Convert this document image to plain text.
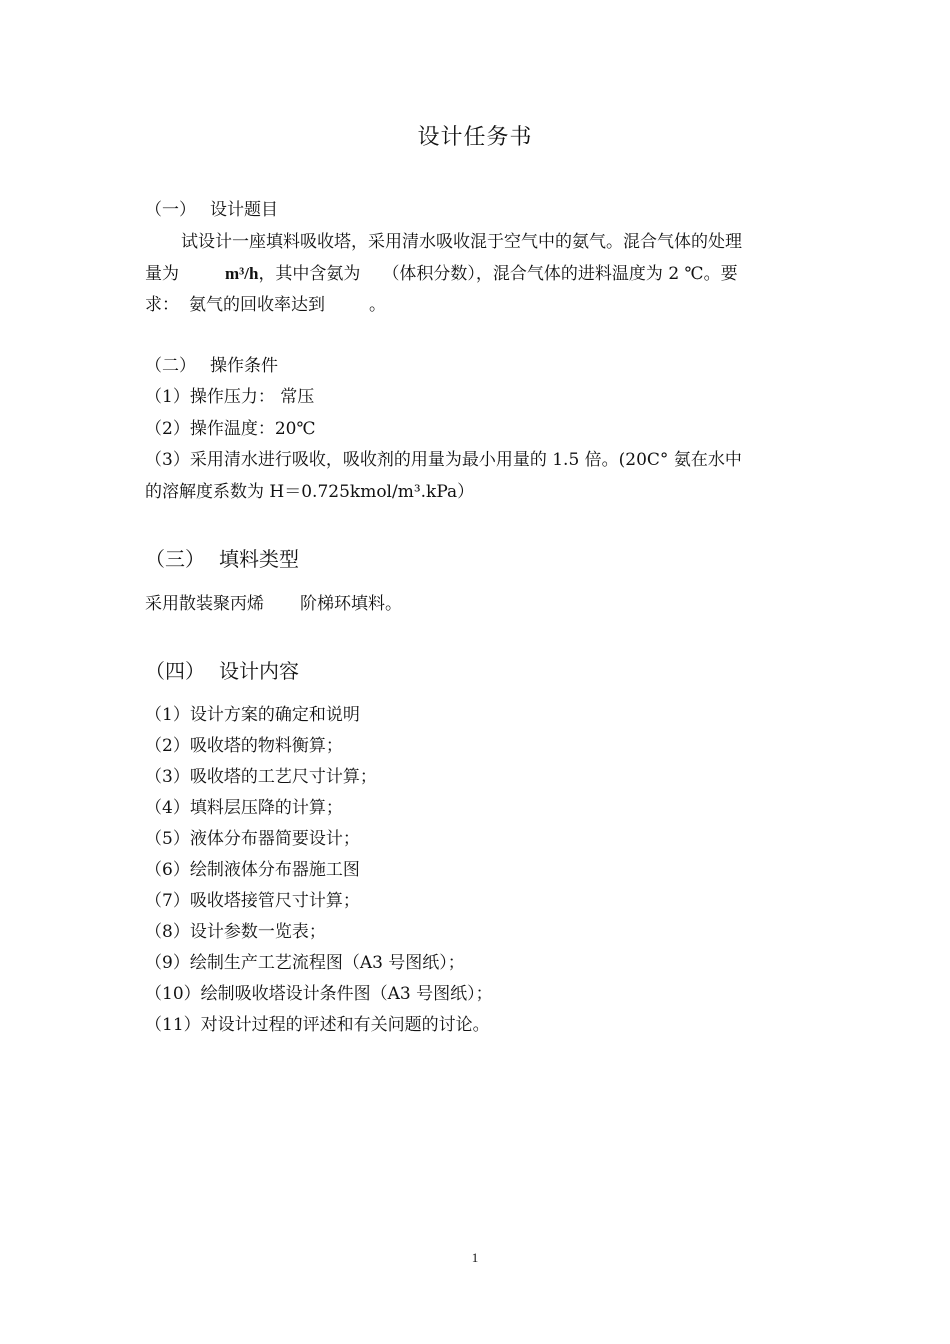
设计任务书
（一） 设计题目
试设计一座填料吸收塔，采用清水吸收混于空气中的氨气。混合气体的处理
量为	m³/h，其中含氨为 （体积分数），混合气体的进料温度为 2 ℃。要
求： 氨气的回收率达到	。
（二） 操作条件
（1）操作压力： 常压
（2）操作温度：20℃
（3）采用清水进行吸收，吸收剂的用量为最小用量的 1.5 倍。(20C° 氨在水中
的溶解度系数为 H＝0.725kmol/m³.kPa）
（三） 填料类型
采用散装聚丙烯 阶梯环填料。
（四） 设计内容
（1）设计方案的确定和说明
（2）吸收塔的物料衡算；
（3）吸收塔的工艺尺寸计算；
（4）填料层压降的计算；
（5）液体分布器简要设计；
（6）绘制液体分布器施工图
（7）吸收塔接管尺寸计算；
（8）设计参数一览表；
（9）绘制生产工艺流程图（A3 号图纸）；
（10）绘制吸收塔设计条件图（A3 号图纸）；
（11）对设计过程的评述和有关问题的讨论。
1
